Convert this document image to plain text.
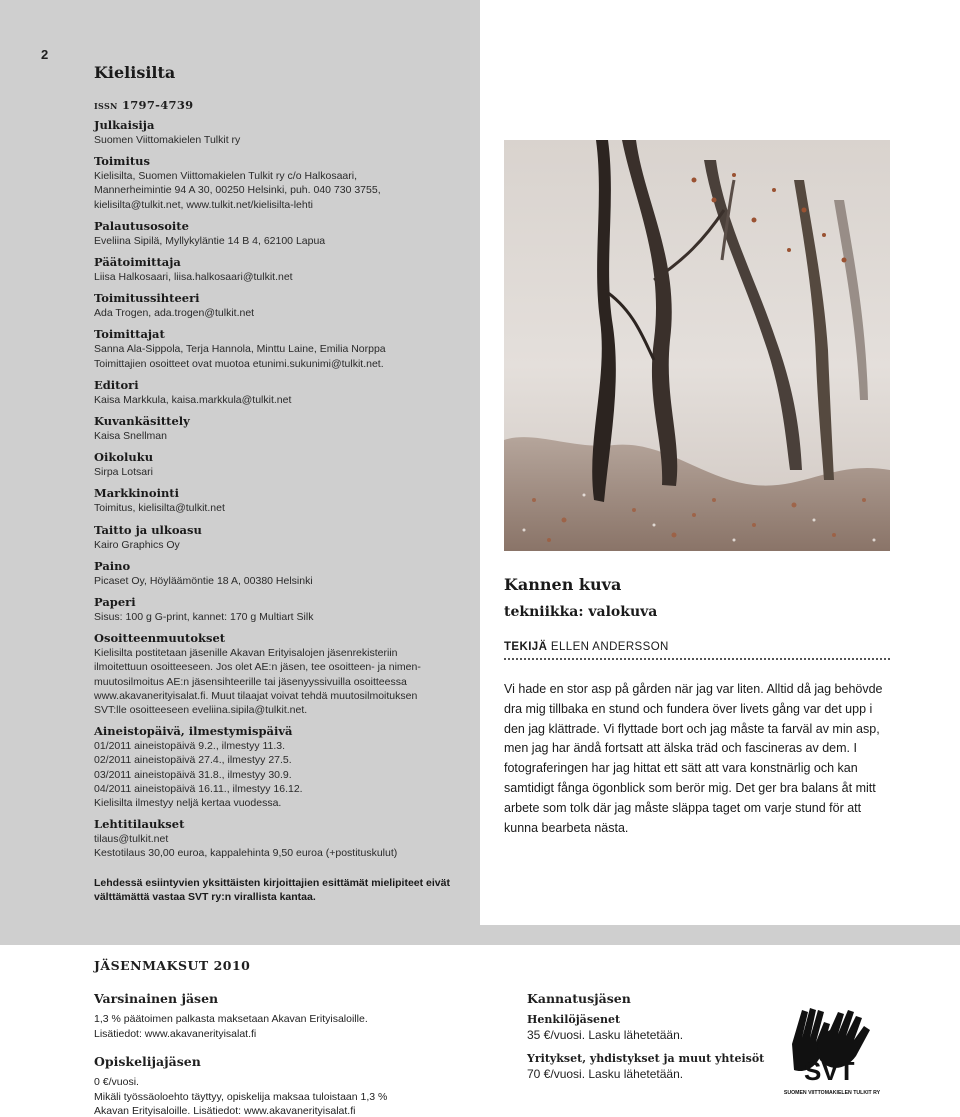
2
Kielisilta
issn 1797-4739
Julkaisija
Suomen Viittomakielen Tulkit ry
Toimitus
Kielisilta, Suomen Viittomakielen Tulkit ry c/o Halkosaari,
Mannerheimintie 94 A 30, 00250 Helsinki, puh. 040 730 3755,
kielisilta@tulkit.net, www.tulkit.net/kielisilta-lehti
Palautusosoite
Eveliina Sipilä, Myllykyläntie 14 B 4, 62100 Lapua
Päätoimittaja
Liisa Halkosaari, liisa.halkosaari@tulkit.net
Toimitussihteeri
Ada Trogen, ada.trogen@tulkit.net
Toimittajat
Sanna Ala-Sippola, Terja Hannola, Minttu Laine, Emilia Norppa
Toimittajien osoitteet ovat muotoa etunimi.sukunimi@tulkit.net.
Editori
Kaisa Markkula, kaisa.markkula@tulkit.net
Kuvankäsittely
Kaisa Snellman
Oikoluku
Sirpa Lotsari
Markkinointi
Toimitus, kielisilta@tulkit.net
Taitto ja ulkoasu
Kairo Graphics Oy
Paino
Picaset Oy, Höyläämöntie 18 A, 00380 Helsinki
Paperi
Sisus: 100 g G-print, kannet: 170 g Multiart Silk
Osoitteenmuutokset
Kielisilta postitetaan jäsenille Akavan Erityisalojen jäsenrekisteriin
ilmoitettuun osoitteeseen. Jos olet AE:n jäsen, tee osoitteen- ja nimen-
muutosilmoitus AE:n jäsensihteerille tai jäsenyyssivuilla osoitteessa
www.akavanerityisalat.fi. Muut tilaajat voivat tehdä muutosilmoituksen
SVT:lle osoitteeseen eveliina.sipila@tulkit.net.
Aineistopäivä, ilmestymispäivä
01/2011 aineistopäivä 9.2., ilmestyy 11.3.
02/2011 aineistopäivä 27.4., ilmestyy 27.5.
03/2011 aineistopäivä 31.8., ilmestyy 30.9.
04/2011 aineistopäivä 16.11., ilmestyy 16.12.
Kielisilta ilmestyy neljä kertaa vuodessa.
Lehtitilaukset
tilaus@tulkit.net
Kestotilaus 30,00 euroa, kappalehinta 9,50 euroa (+postituskulut)
Lehdessä esiintyvien yksittäisten kirjoittajien esittämät mielipiteet eivät välttämättä vastaa SVT ry:n virallista kantaa.
Kannen kuva
tekniikka: valokuva
TEKIJÄ ELLEN ANDERSSON
Vi hade en stor asp på gården när jag var liten. Alltid då jag behövde dra mig tillbaka en stund och fundera över livets gång var det upp i den jag klättrade. Vi flyttade bort och jag måste ta farväl av min asp, men jag har ändå fortsatt att älska träd och fascineras av dem. I fotograferingen har jag hittat ett sätt att vara konstnärlig och kan samtidigt fånga ögonblick som berör mig. Det ger bra balans åt mitt arbete som tolk där jag måste släppa taget om varje stund för att kunna bearbeta nästa.
JÄSENMAKSUT 2010
Varsinainen jäsen
1,3 % päätoimen palkasta maksetaan Akavan Erityisaloille.
Lisätiedot: www.akavanerityisalat.fi
Opiskelijajäsen
0 €/vuosi.
Mikäli työssäoloehto täyttyy, opiskelija maksaa tuloistaan 1,3 %
Akavan Erityisaloille. Lisätiedot: www.akavanerityisalat.fi
Kannatusjäsen
Henkilöjäsenet
35 €/vuosi. Lasku lähetetään.
Yritykset, yhdistykset ja muut yhteisöt
70 €/vuosi. Lasku lähetetään.	SVT
SUOMEN VIITTOMAKIELEN TULKIT RY
